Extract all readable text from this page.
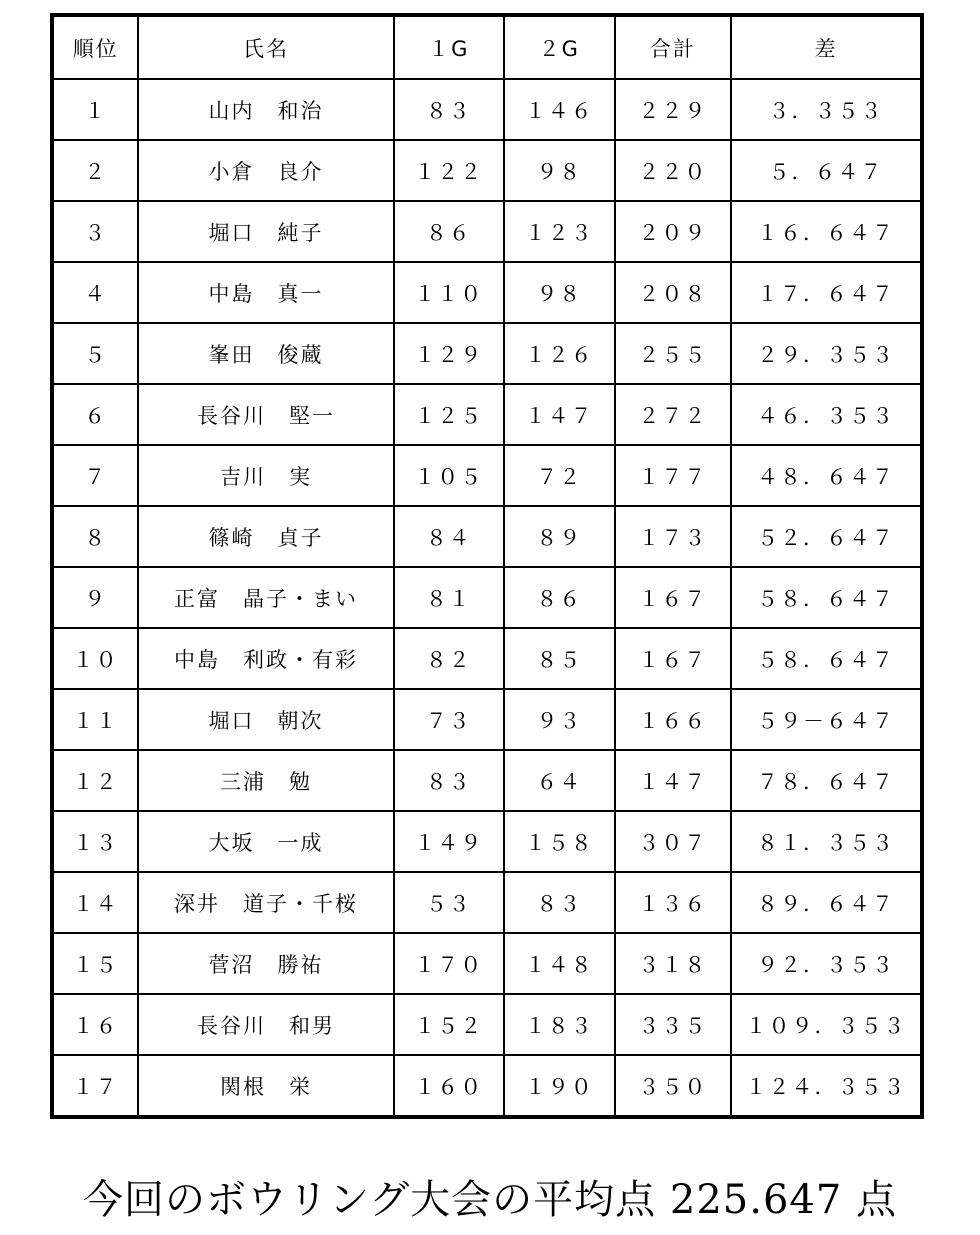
順位	氏名	１G	２G	合計	差
１	山内　和治	８３	１４６	２２９	３．３５３
２	小倉　良介	１２２	９８	２２０	５．６４７
３	堀口　純子	８６	１２３	２０９	１６．６４７
４	中島　真一	１１０	９８	２０８	１７．６４７
５	峯田　俊蔵	１２９	１２６	２５５	２９．３５３
６	長谷川　堅一	１２５	１４７	２７２	４６．３５３
７	吉川　実	１０５	７２	１７７	４８．６４７
８	篠崎　貞子	８４	８９	１７３	５２．６４７
９	正富　晶子・まい	８１	８６	１６７	５８．６４７
１０	中島　利政・有彩	８２	８５	１６７	５８．６４７
１１	堀口　朝次	７３	９３	１６６	５９－６４７
１２	三浦　勉	８３	６４	１４７	７８．６４７
１３	大坂　一成	１４９	１５８	３０７	８１．３５３
１４	深井　道子・千桜	５３	８３	１３６	８９．６４７
１５	菅沼　勝祐	１７０	１４８	３１８	９２．３５３
１６	長谷川　和男	１５２	１８３	３３５	１０９．３５３
１７	関根　栄	１６０	１９０	３５０	１２４．３５３
今回のボウリング大会の平均点 225.647 点
